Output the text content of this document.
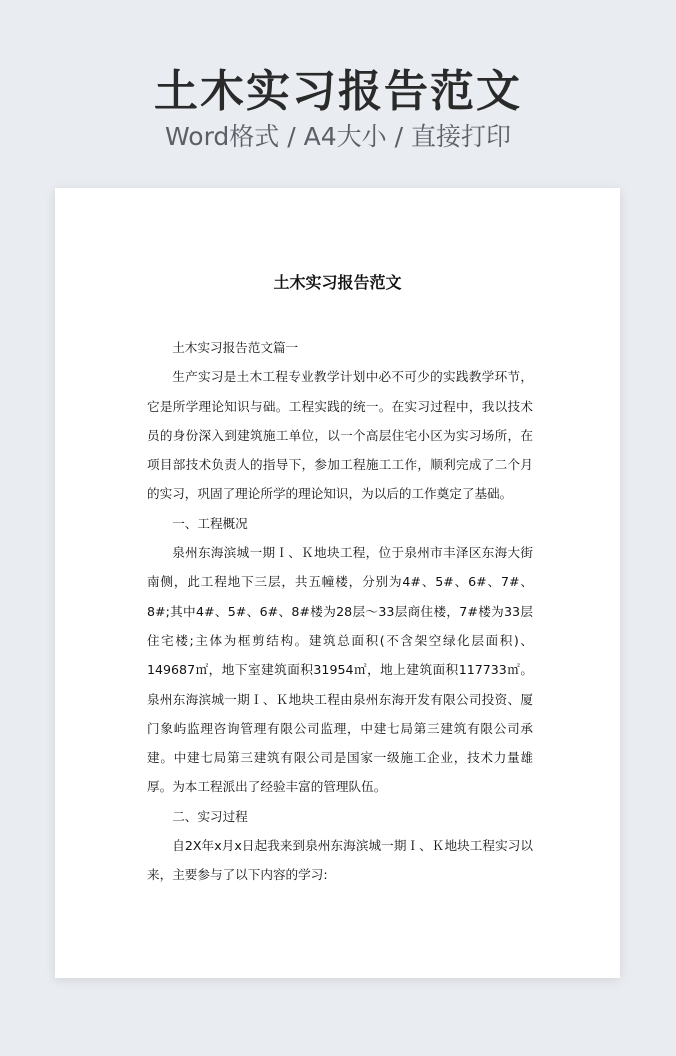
土木实习报告范文
Word格式 / A4大小 / 直接打印
土木实习报告范文

土木实习报告范文篇一

生产实习是土木工程专业教学计划中必不可少的实践教学环节，它是所学理论知识与础。工程实践的统一。在实习过程中，我以技术员的身份深入到建筑施工单位，以一个高层住宅小区为实习场所，在项目部技术负责人的指导下，参加工程施工工作，顺利完成了二个月的实习，巩固了理论所学的理论知识，为以后的工作奠定了基础。

一、工程概况

泉州东海滨城一期Ｉ、Ｋ地块工程，位于泉州市丰泽区东海大街南侧，此工程地下三层，共五幢楼，分别为4#、5#、6#、7#、8#;其中4#、5#、6#、8#楼为28层～33层商住楼，7#楼为33层住宅楼;主体为框剪结构。建筑总面积(不含架空绿化层面积)、149687㎡，地下室建筑面积31954㎡，地上建筑面积117733㎡。泉州东海滨城一期Ｉ、Ｋ地块工程由泉州东海开发有限公司投资、厦门象屿监理咨询管理有限公司监理，中建七局第三建筑有限公司承建。中建七局第三建筑有限公司是国家一级施工企业，技术力量雄厚。为本工程派出了经验丰富的管理队伍。

二、实习过程

自2X年x月x日起我来到泉州东海滨城一期Ｉ、Ｋ地块工程实习以来，主要参与了以下内容的学习:
